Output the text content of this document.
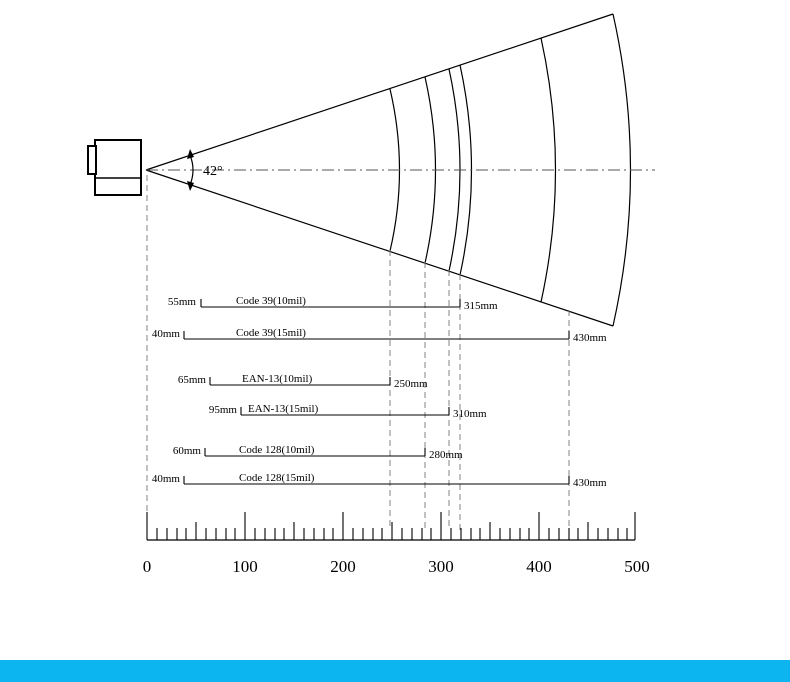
42°
55mm	315mm
Code 39(10mil)
40mm	430mm
Code 39(15mil)
65mm	250mm
EAN-13(10mil)
95mm	310mm
EAN-13(15mil)
60mm	280mm
Code 128(10mil)
40mm	430mm
Code 128(15mil)
0	100	200	300	400	500
